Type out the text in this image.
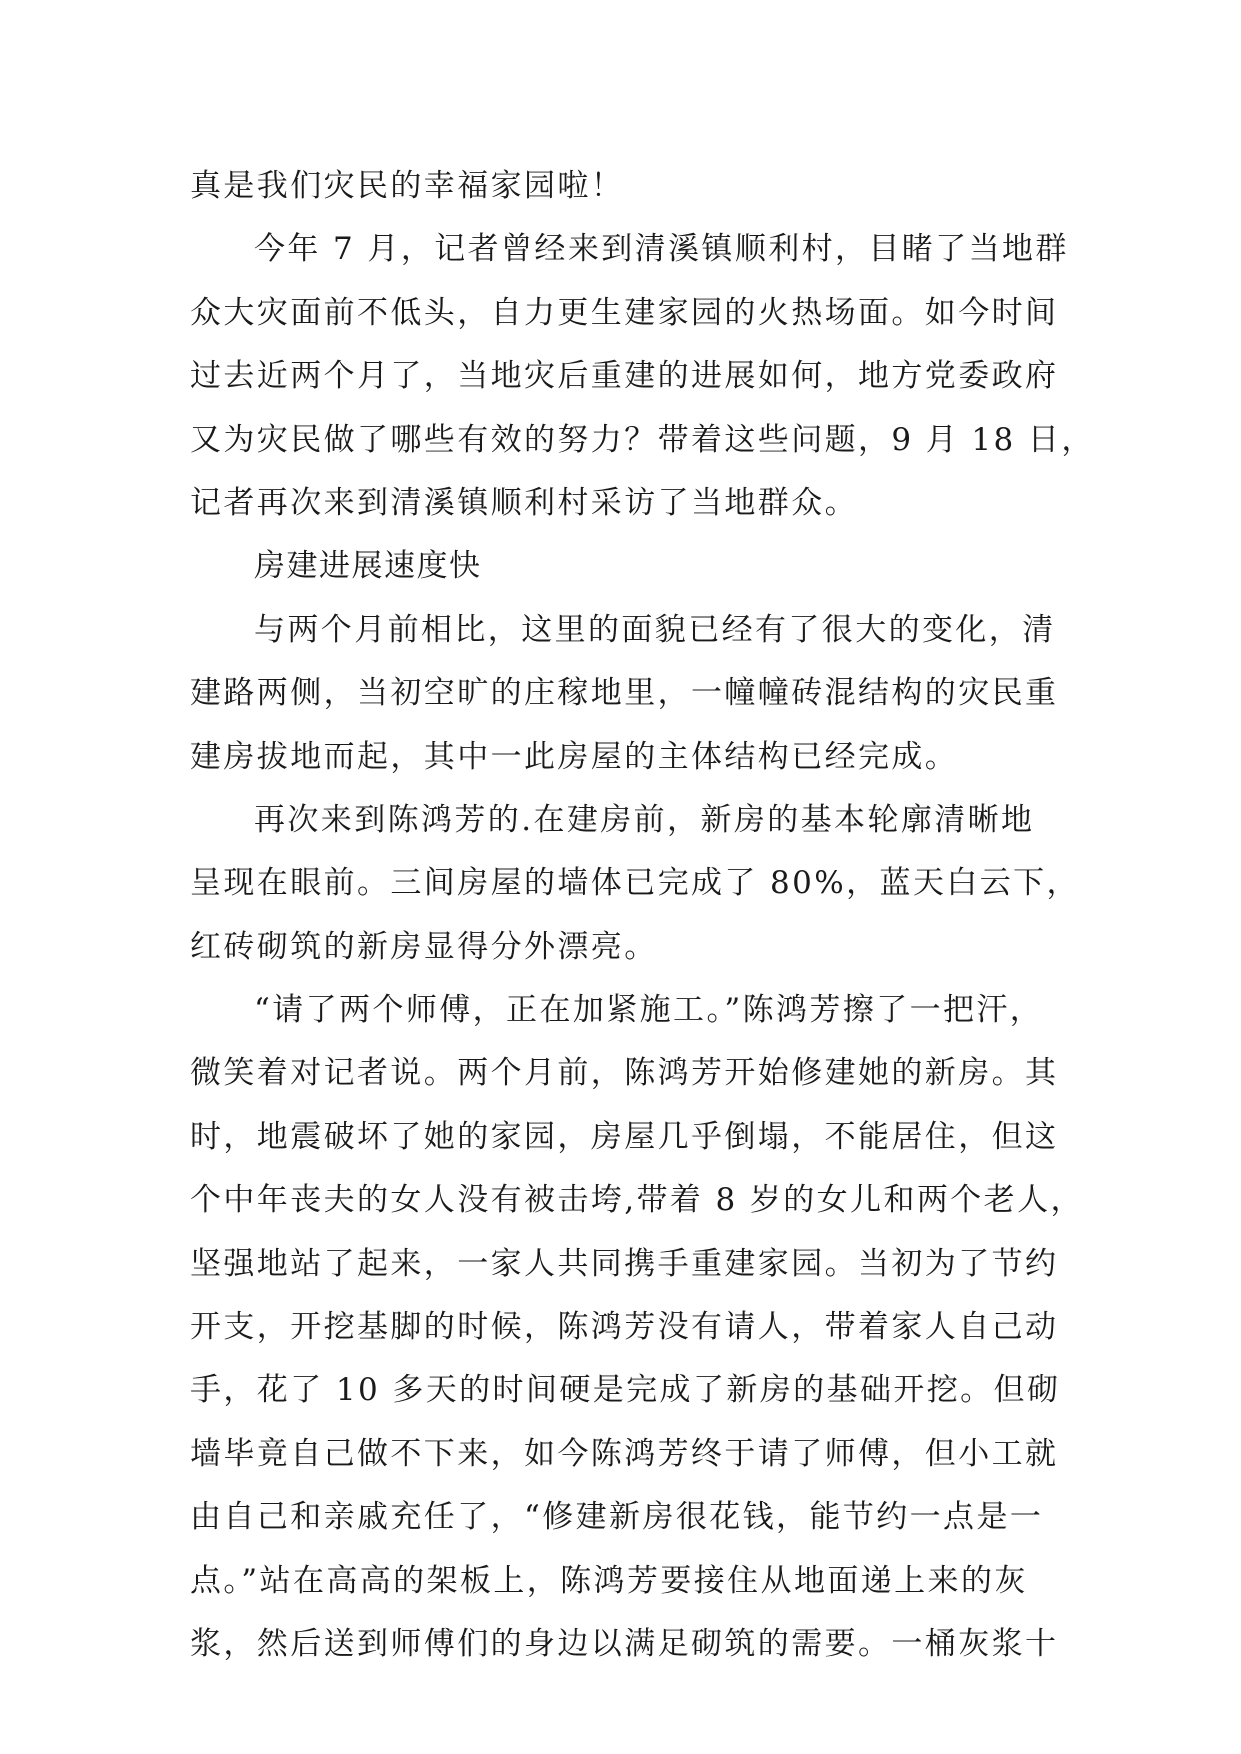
真是我们灾民的幸福家园啦！
今年 7 月，记者曾经来到清溪镇顺利村，目睹了当地群
众大灾面前不低头，自力更生建家园的火热场面。如今时间
过去近两个月了，当地灾后重建的进展如何，地方党委政府
又为灾民做了哪些有效的努力？带着这些问题，9 月 18 日，
记者再次来到清溪镇顺利村采访了当地群众。
房建进展速度快
与两个月前相比，这里的面貌已经有了很大的变化，清
建路两侧，当初空旷的庄稼地里，一幢幢砖混结构的灾民重
建房拔地而起，其中一此房屋的主体结构已经完成。
再次来到陈鸿芳的.在建房前，新房的基本轮廓清晰地
呈现在眼前。三间房屋的墙体已完成了 80%，蓝天白云下，
红砖砌筑的新房显得分外漂亮。
“请了两个师傅，正在加紧施工。”陈鸿芳擦了一把汗，
微笑着对记者说。两个月前，陈鸿芳开始修建她的新房。其
时，地震破坏了她的家园，房屋几乎倒塌，不能居住，但这
个中年丧夫的女人没有被击垮,带着 8 岁的女儿和两个老人，
坚强地站了起来，一家人共同携手重建家园。当初为了节约
开支，开挖基脚的时候，陈鸿芳没有请人，带着家人自己动
手，花了 10 多天的时间硬是完成了新房的基础开挖。但砌
墙毕竟自己做不下来，如今陈鸿芳终于请了师傅，但小工就
由自己和亲戚充任了，“修建新房很花钱，能节约一点是一
点。”站在高高的架板上，陈鸿芳要接住从地面递上来的灰
浆，然后送到师傅们的身边以满足砌筑的需要。一桶灰浆十
